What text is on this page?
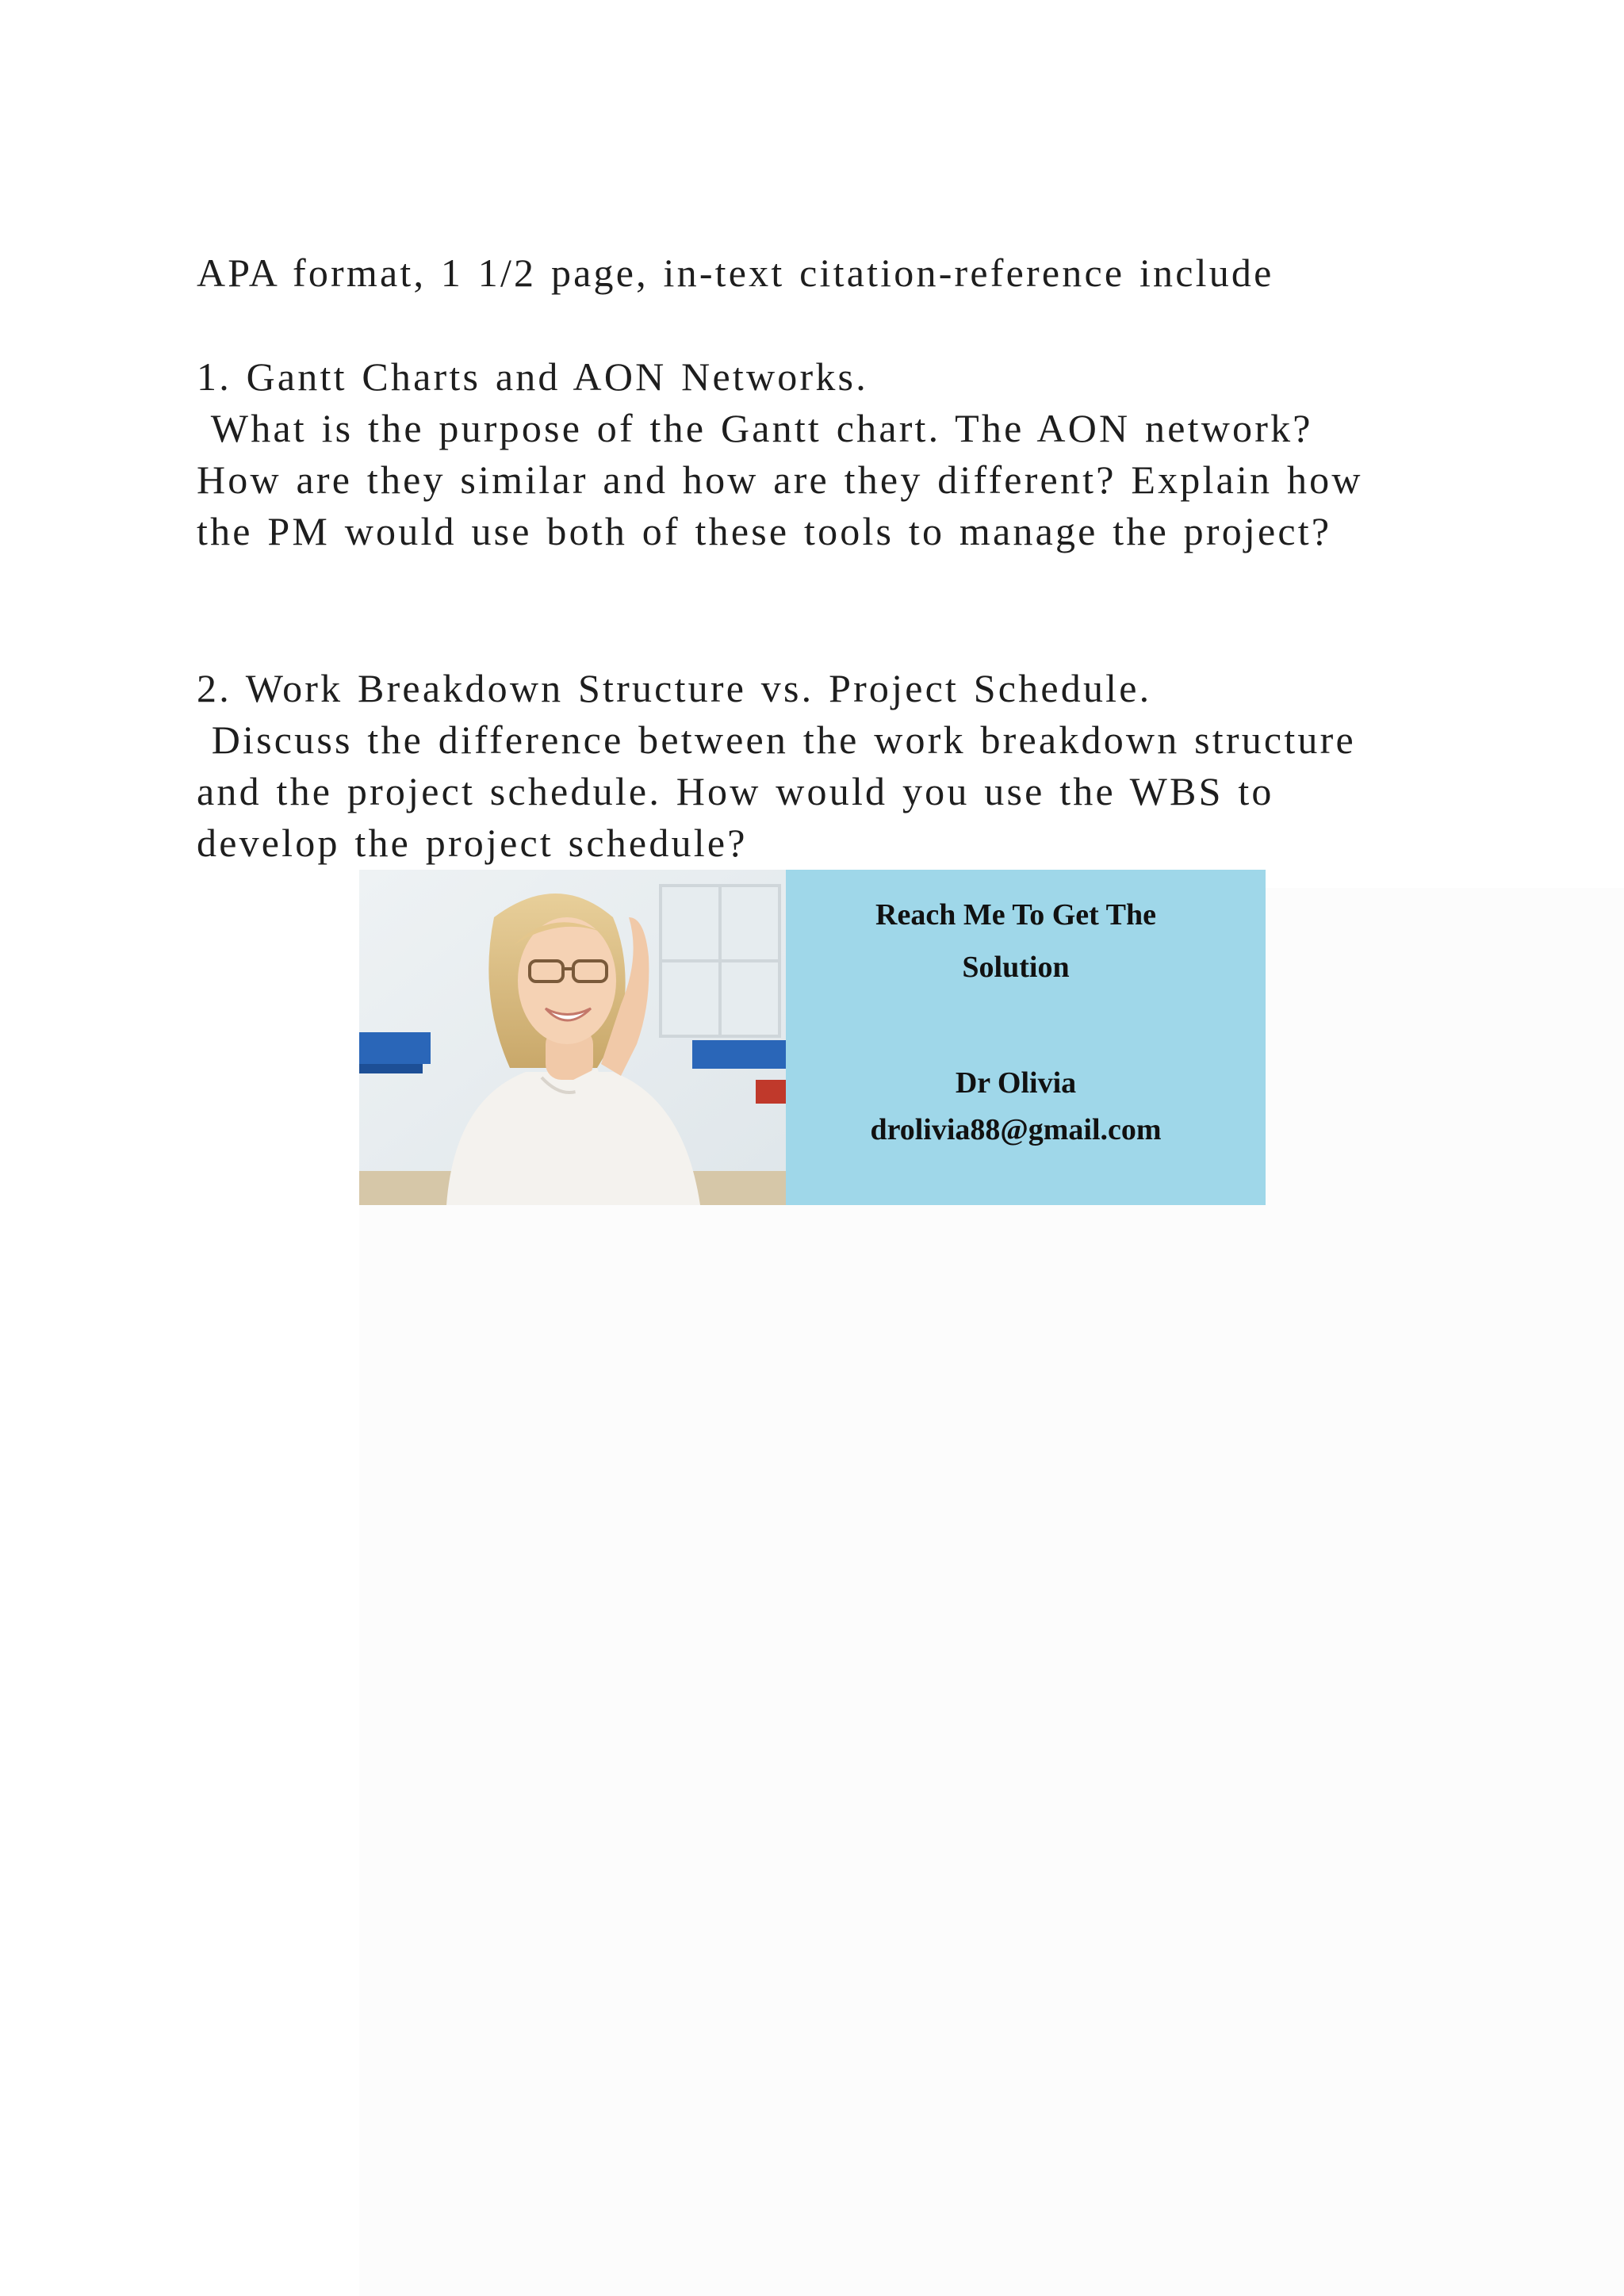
APA format, 1 1/2 page, in-text citation-reference include

1. Gantt Charts and AON Networks.

What is the purpose of the Gantt chart. The AON network?

How are they similar and how are they different? Explain how

the PM would use both of these tools to manage the project?

2. Work Breakdown Structure vs. Project Schedule.

Discuss the difference between the work breakdown structure

and the project schedule. How would you use the WBS to

develop the project schedule?

Reach Me To Get The
Solution
Dr Olivia
drolivia88@gmail.com
